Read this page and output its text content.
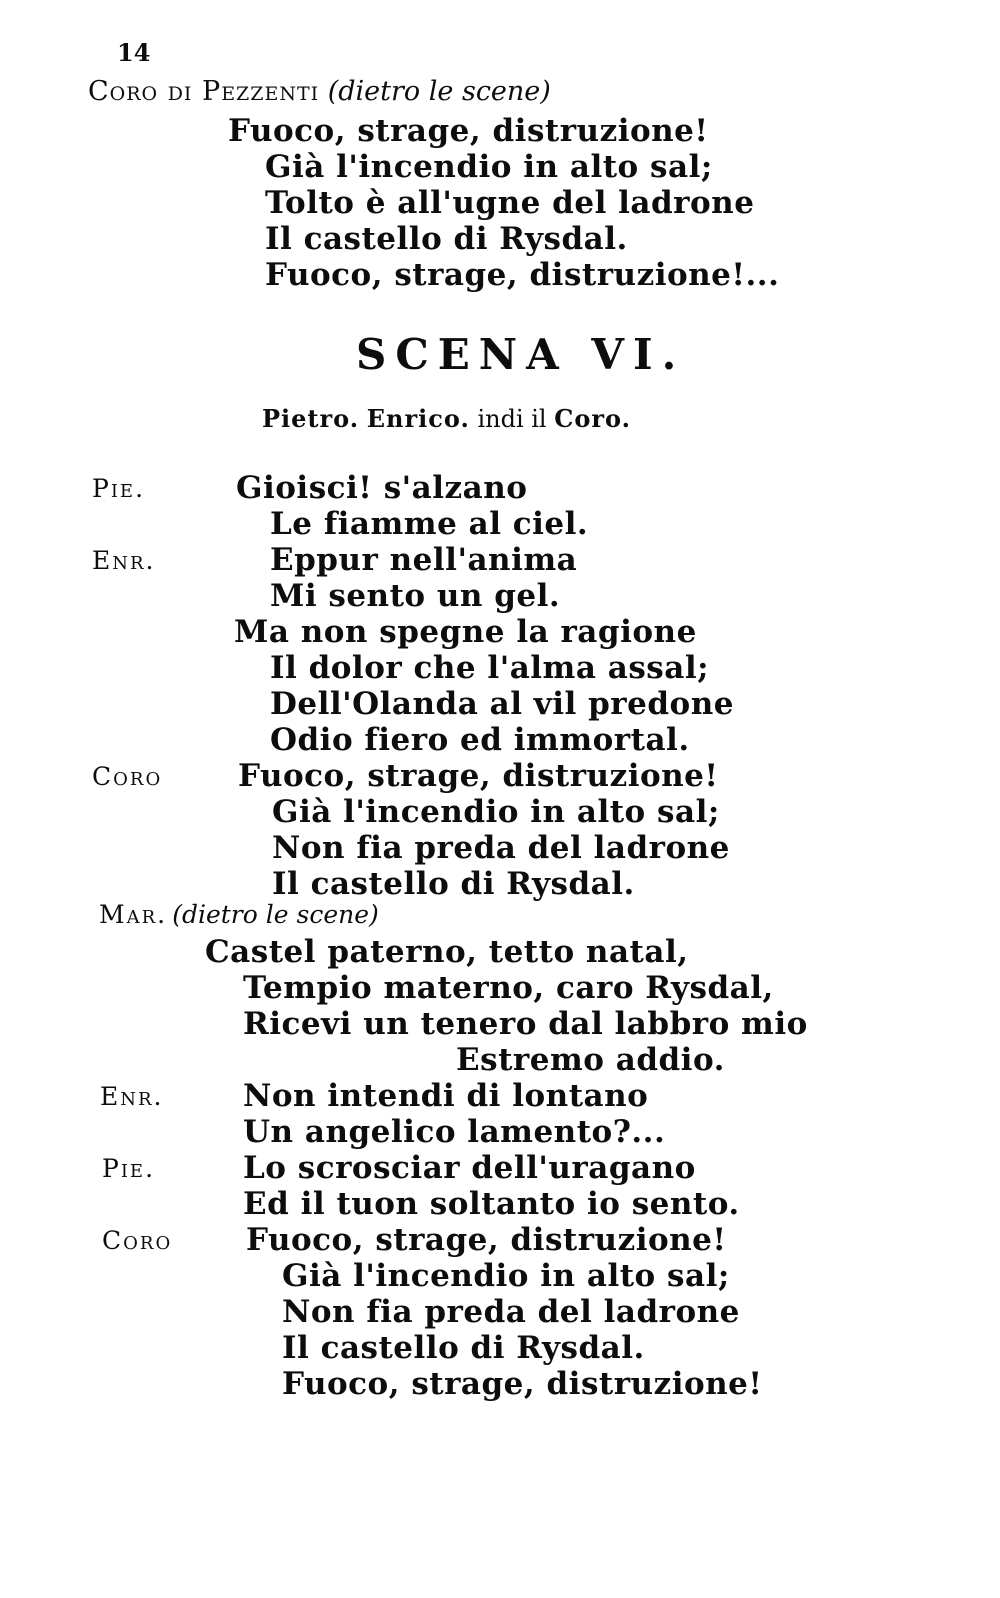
14
Coro di Pezzenti (dietro le scene)
Fuoco, strage, distruzione!
Già l'incendio in alto sal;
Tolto è all'ugne del ladrone
Il castello di Rysdal.
Fuoco, strage, distruzione!...
SCENA VI.
Pietro. Enrico. indi il Coro.
Pie.	Gioisci! s'alzano
Le fiamme al ciel.
Enr.	Eppur nell'anima
Mi sento un gel.
Ma non spegne la ragione
Il dolor che l'alma assal;
Dell'Olanda al vil predone
Odio fiero ed immortal.
Coro Fuoco, strage, distruzione!
Già l'incendio in alto sal;
Non fia preda del ladrone
Il castello di Rysdal.
Mar. (dietro le scene)
Castel paterno, tetto natal,
Tempio materno, caro Rysdal,
Ricevi un tenero dal labbro mio
Estremo addio.
Enr.	Non intendi di lontano
Un angelico lamento?...
Pie.	Lo scrosciar dell'uragano
Ed il tuon soltanto io sento.
Coro Fuoco, strage, distruzione!
Già l'incendio in alto sal;
Non fia preda del ladrone
Il castello di Rysdal.
Fuoco, strage, distruzione!
